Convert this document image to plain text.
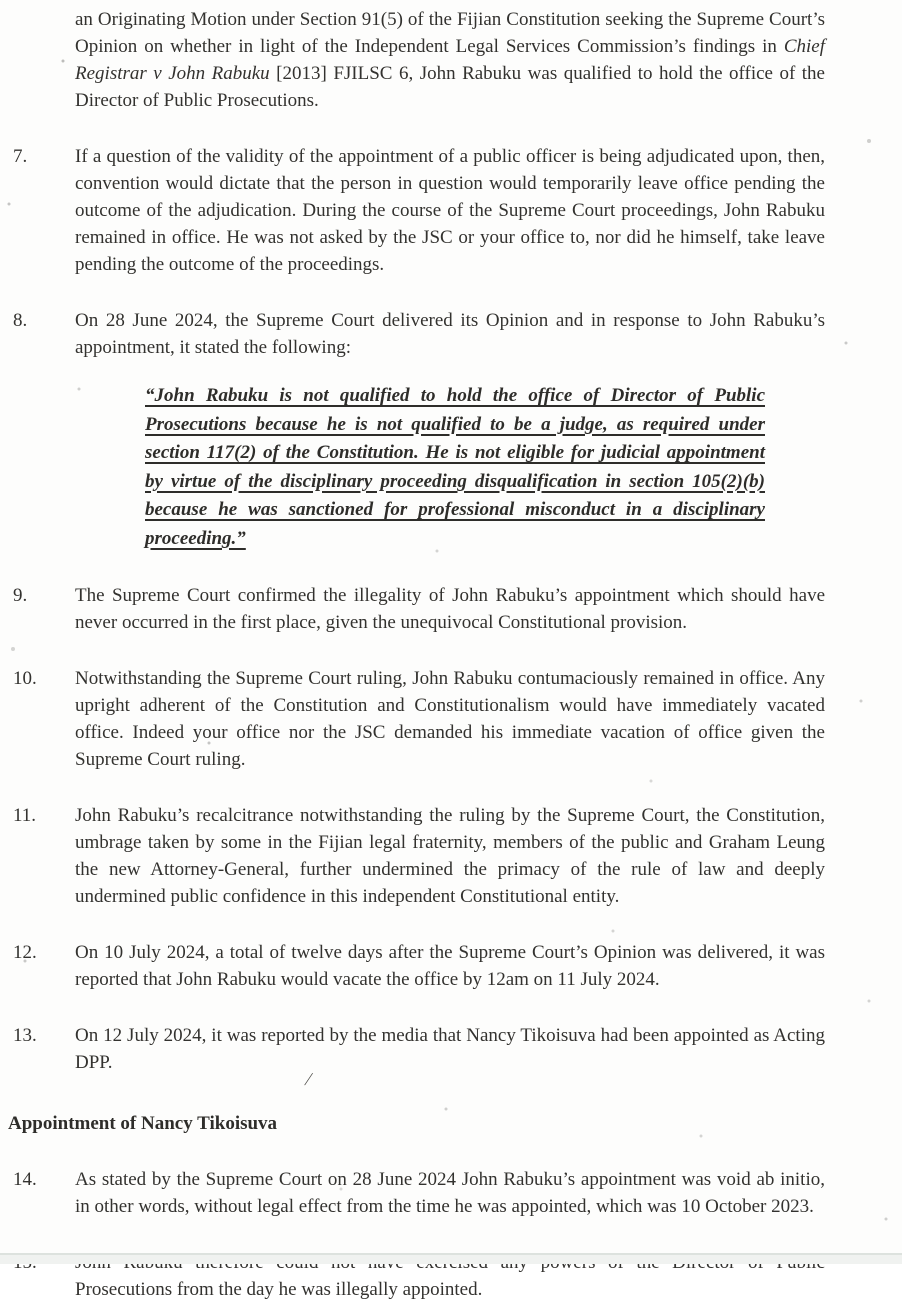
an Originating Motion under Section 91(5) of the Fijian Constitution seeking the Supreme Court’s Opinion on whether in light of the Independent Legal Services Commission’s findings in Chief Registrar v John Rabuku [2013] FJILSC 6, John Rabuku was qualified to hold the office of the Director of Public Prosecutions.

7.	If a question of the validity of the appointment of a public officer is being adjudicated upon, then, convention would dictate that the person in question would temporarily leave office pending the outcome of the adjudication. During the course of the Supreme Court proceedings, John Rabuku remained in office. He was not asked by the JSC or your office to, nor did he himself, take leave pending the outcome of the proceedings.

8.	On 28 June 2024, the Supreme Court delivered its Opinion and in response to John Rabuku’s appointment, it stated the following:

“John Rabuku is not qualified to hold the office of Director of Public Prosecutions because he is not qualified to be a judge, as required under section 117(2) of the Constitution. He is not eligible for judicial appointment by virtue of the disciplinary proceeding disqualification in section 105(2)(b) because he was sanctioned for professional misconduct in a disciplinary proceeding.”
9.	The Supreme Court confirmed the illegality of John Rabuku’s appointment which should have never occurred in the first place, given the unequivocal Constitutional provision.

10.	Notwithstanding the Supreme Court ruling, John Rabuku contumaciously remained in office. Any upright adherent of the Constitution and Constitutionalism would have immediately vacated office. Indeed your office nor the JSC demanded his immediate vacation of office given the Supreme Court ruling.

11.	John Rabuku’s recalcitrance notwithstanding the ruling by the Supreme Court, the Constitution, umbrage taken by some in the Fijian legal fraternity, members of the public and Graham Leung the new Attorney-General, further undermined the primacy of the rule of law and deeply undermined public confidence in this independent Constitutional entity.

12.	On 10 July 2024, a total of twelve days after the Supreme Court’s Opinion was delivered, it was reported that John Rabuku would vacate the office by 12am on 11 July 2024.

13.	On 12 July 2024, it was reported by the media that Nancy Tikoisuva had been appointed as Acting DPP.

Appointment of Nancy Tikoisuva
/
14.	As stated by the Supreme Court on 28 June 2024 John Rabuku’s appointment was void ab initio, in other words, without legal effect from the time he was appointed, which was 10 October 2023.

Prosecutions from the day he was illegally appointed.
